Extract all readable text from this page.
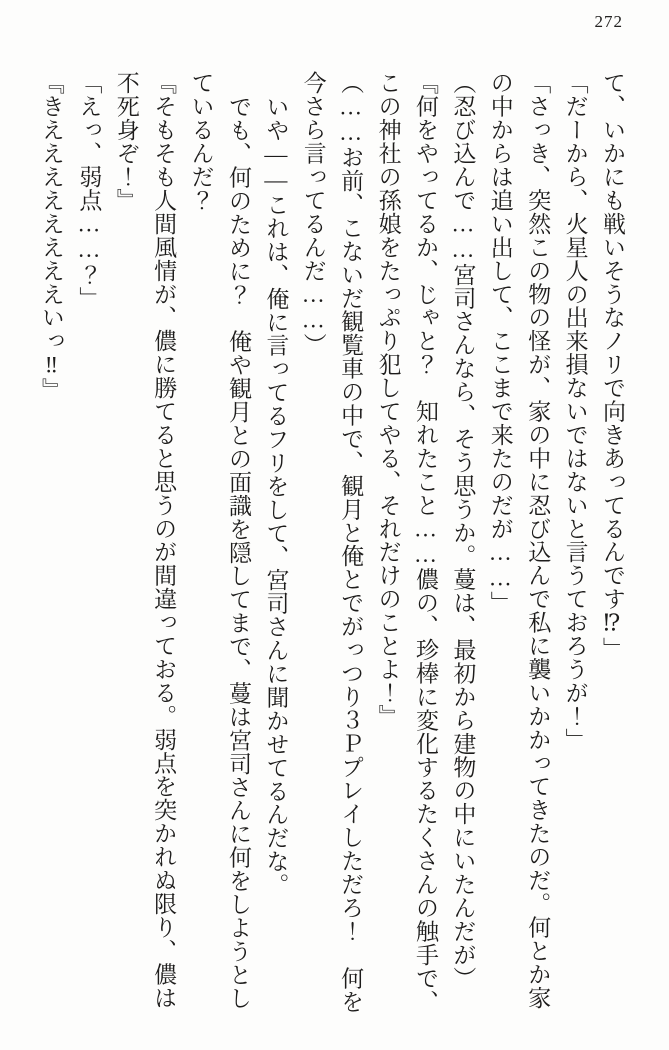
272
て、いかにも戦いそうなノリで向きあってるんです⁉」
「だーから、火星人の出来損ないではないと言うておろうが！」
「さっき、突然この物の怪が、家の中に忍び込んで私に襲いかかってきたのだ。何とか家
の中からは追い出して、ここまで来たのだが……」
（忍び込んで……宮司さんなら、そう思うか。蔓は、最初から建物の中にいたんだが）
『何をやってるか、じゃと？　知れたこと……儂の、珍棒に変化するたくさんの触手で、
この神社の孫娘をたっぷり犯してやる、それだけのことよ！』
（……お前、こないだ観覧車の中で、観月と俺とでがっつり３Ｐプレイしただろ！　何を
今さら言ってるんだ……）
いや――これは、俺に言ってるフリをして、宮司さんに聞かせてるんだな。
でも、何のために？　俺や観月との面識を隠してまで、蔓は宮司さんに何をしようとし
ているんだ？
『そもそも人間風情が、儂に勝てると思うのが間違っておる。弱点を突かれぬ限り、儂は
不死身ぞ！』
「えっ、弱点……？」
『きええええええええいっ‼』
